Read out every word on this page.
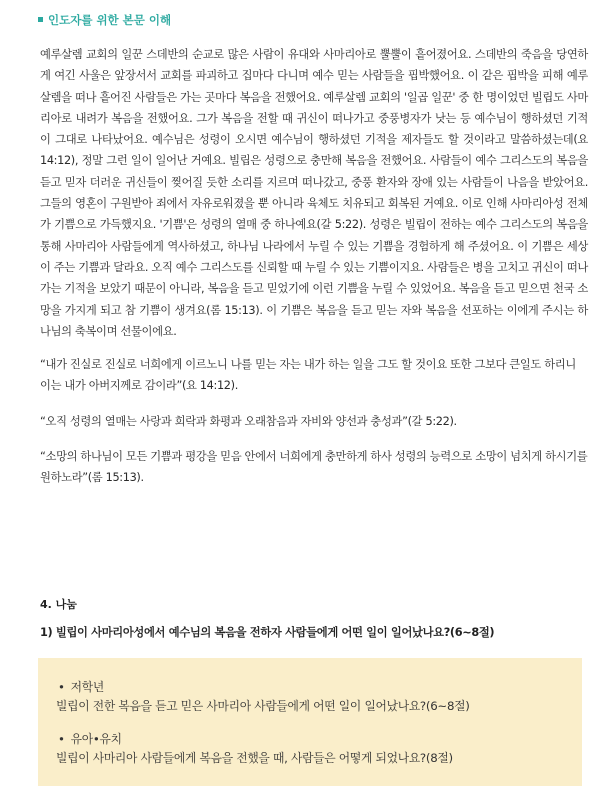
인도자를 위한 본문 이해
예루살렘 교회의 일꾼 스데반의 순교로 많은 사람이 유대와 사마리아로 뿔뿔이 흩어졌어요. 스데반의 죽음을 당연하게 여긴 사울은 앞장서서 교회를 파괴하고 집마다 다니며 예수 믿는 사람들을 핍박했어요. 이 같은 핍박을 피해 예루살렘을 떠나 흩어진 사람들은 가는 곳마다 복음을 전했어요. 예루살렘 교회의 '일곱 일꾼' 중 한 명이었던 빌립도 사마리아로 내려가 복음을 전했어요. 그가 복음을 전할 때 귀신이 떠나가고 중풍병자가 낫는 등 예수님이 행하셨던 기적이 그대로 나타났어요. 예수님은 성령이 오시면 예수님이 행하셨던 기적을 제자들도 할 것이라고 말씀하셨는데(요 14:12), 정말 그런 일이 일어난 거예요. 빌립은 성령으로 충만해 복음을 전했어요. 사람들이 예수 그리스도의 복음을 듣고 믿자 더러운 귀신들이 찢어질 듯한 소리를 지르며 떠나갔고, 중풍 환자와 장애 있는 사람들이 나음을 받았어요. 그들의 영혼이 구원받아 죄에서 자유로워졌을 뿐 아니라 육체도 치유되고 회복된 거예요. 이로 인해 사마리아성 전체가 기쁨으로 가득했지요. '기쁨'은 성령의 열매 중 하나예요(갈 5:22). 성령은 빌립이 전하는 예수 그리스도의 복음을 통해 사마리아 사람들에게 역사하셨고, 하나님 나라에서 누릴 수 있는 기쁨을 경험하게 해 주셨어요. 이 기쁨은 세상이 주는 기쁨과 달라요. 오직 예수 그리스도를 신뢰할 때 누릴 수 있는 기쁨이지요. 사람들은 병을 고치고 귀신이 떠나가는 기적을 보았기 때문이 아니라, 복음을 듣고 믿었기에 이런 기쁨을 누릴 수 있었어요. 복음을 듣고 믿으면 천국 소망을 가지게 되고 참 기쁨이 생겨요(롬 15:13). 이 기쁨은 복음을 듣고 믿는 자와 복음을 선포하는 이에게 주시는 하나님의 축복이며 선물이에요.
“내가 진실로 진실로 너희에게 이르노니 나를 믿는 자는 내가 하는 일을 그도 할 것이요 또한 그보다 큰일도 하리니 이는 내가 아버지께로 감이라”(요 14:12).
“오직 성령의 열매는 사랑과 희락과 화평과 오래참음과 자비와 양선과 충성과”(갈 5:22).
“소망의 하나님이 모든 기쁨과 평강을 믿음 안에서 너희에게 충만하게 하사 성령의 능력으로 소망이 넘치게 하시기를 원하노라”(롬 15:13).
4. 나눔
1) 빌립이 사마리아성에서 예수님의 복음을 전하자 사람들에게 어떤 일이 일어났나요?(6~8절)
• 저학년
빌립이 전한 복음을 듣고 믿은 사마리아 사람들에게 어떤 일이 일어났나요?(6~8절)
• 유아•유치
빌립이 사마리아 사람들에게 복음을 전했을 때, 사람들은 어떻게 되었나요?(8절)
